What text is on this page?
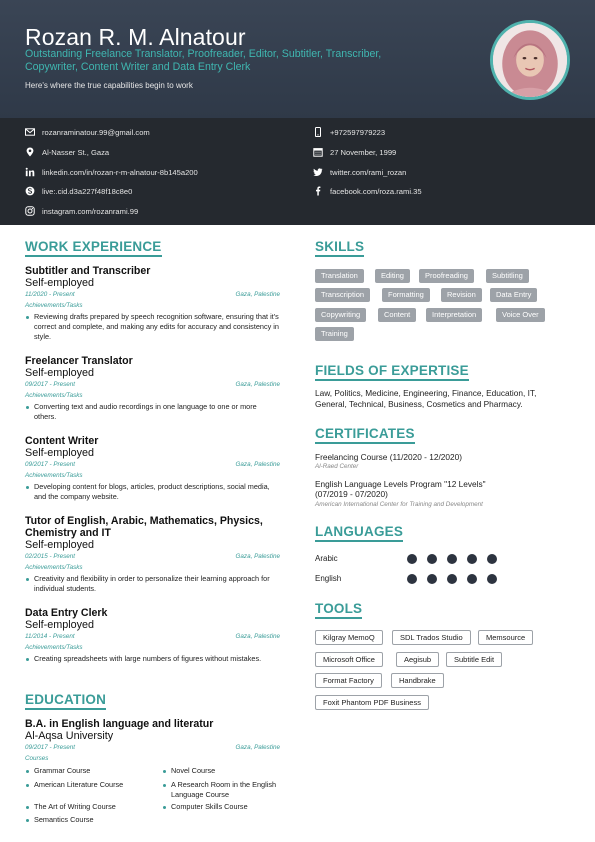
Rozan R. M. Alnatour
Outstanding Freelance Translator, Proofreader, Editor, Subtitler, Transcriber, Copywriter, Content Writer and Data Entry Clerk
Here's where the true capabilities begin to work
rozanraminatour.99@gmail.com	+972597979223
Al-Nasser St., Gaza	27 November, 1999
linkedin.com/in/rozan-r-m-alnatour-8b145a200	twitter.com/rami_rozan
live:.cid.d3a227f48f18c8e0	facebook.com/roza.rami.35
instagram.com/rozanrami.99
WORK EXPERIENCE
Subtitler and Transcriber
Self-employed
11/2020 - Present	Gaza, Palestine
Achievements/Tasks
Reviewing drafts prepared by speech recognition software, ensuring that it's correct and complete, and making any edits for accuracy and consistency in style.
Freelancer Translator
Self-employed
09/2017 - Present	Gaza, Palestine
Achievements/Tasks
Converting text and audio recordings in one language to one or more others.
Content Writer
Self-employed
09/2017 - Present	Gaza, Palestine
Achievements/Tasks
Developing content for blogs, articles, product descriptions, social media, and the company website.
Tutor of English, Arabic, Mathematics, Physics, Chemistry and IT
Self-employed
02/2015 - Present	Gaza, Palestine
Achievements/Tasks
Creativity and flexibility in order to personalize their learning approach for individual students.
Data Entry Clerk
Self-employed
11/2014 - Present	Gaza, Palestine
Achievements/Tasks
Creating spreadsheets with large numbers of figures without mistakes.
EDUCATION
B.A. in English language and literatur
Al-Aqsa University
09/2017 - Present	Gaza, Palestine
Courses
Grammar Course	Novel Course
American Literature Course	A Research Room in the English Language Course
The Art of Writing Course	Computer Skills Course
Semantics Course
SKILLS
Translation	Editing	Proofreading	Subtitling
Transcription	Formatting	Revision	Data Entry
Copywriting	Content	Interpretation	Voice Over
Training
FIELDS OF EXPERTISE
Law, Politics, Medicine, Engineering, Finance, Education, IT, General, Technical, Business, Cosmetics and Pharmacy.
CERTIFICATES
Freelancing Course (11/2020 - 12/2020)
Al-Raed Center
English Language Levels Program "12 Levels" (07/2019 - 07/2020)
American International Center for Training and Development
LANGUAGES
Arabic
English
TOOLS
Kilgray MemoQ	SDL Trados Studio	Memsource
Microsoft Office	Aegisub	Subtitle Edit
Format Factory	Handbrake
Foxit Phantom PDF Business
